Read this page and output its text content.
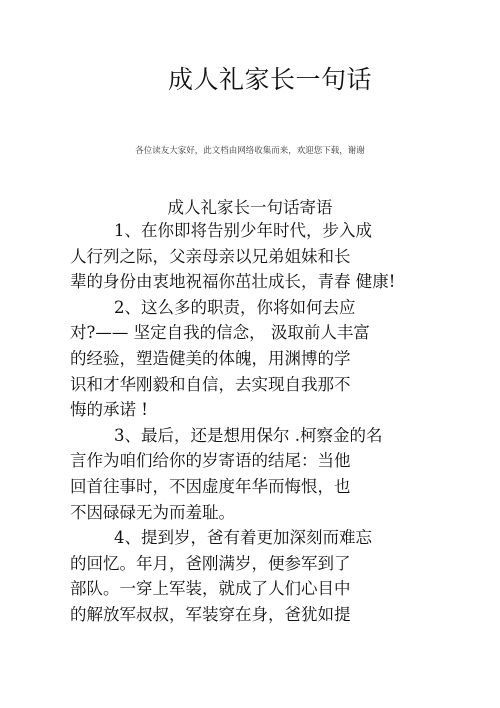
成人礼家长一句话
各位读友大家好，此文档由网络收集而来，欢迎您下载，谢谢
成人礼家长一句话寄语
1、在你即将告别少年时代，步入成
人行列之际，父亲母亲以兄弟姐妹和长
辈的身份由衷地祝福你茁壮成长，青春 健康!
2、这么多的职责，你将如何去应
对?—— 坚定自我的信念， 汲取前人丰富
的经验，塑造健美的体魄，用渊博的学
识和才华刚毅和自信，去实现自我那不
悔的承诺 !
3、最后，还是想用保尔 .柯察金的名
言作为咱们给你的岁寄语的结尾：当他
回首往事时，不因虚度年华而悔恨，也
不因碌碌无为而羞耻。
4、提到岁，爸有着更加深刻而难忘
的回忆。年月，爸刚满岁，便参军到了
部队。一穿上军装，就成了人们心目中
的解放军叔叔，军装穿在身，爸犹如提
